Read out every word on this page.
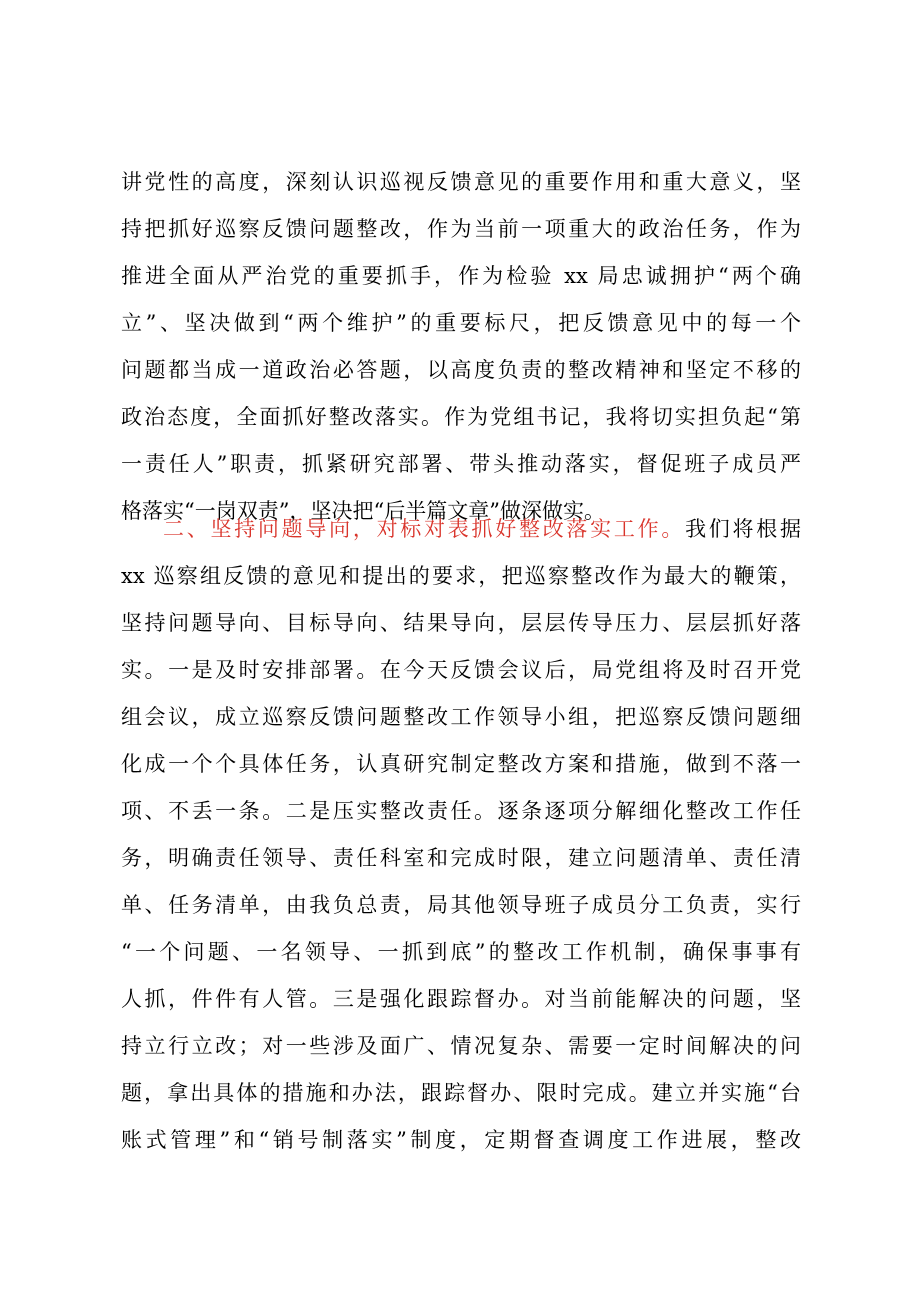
讲党性的高度，深刻认识巡视反馈意见的重要作用和重大意义，坚
持把抓好巡察反馈问题整改，作为当前一项重大的政治任务，作为
推进全面从严治党的重要抓手，作为检验 xx 局忠诚拥护“两个确
立”、坚决做到“两个维护”的重要标尺，把反馈意见中的每一个
问题都当成一道政治必答题，以高度负责的整改精神和坚定不移的
政治态度，全面抓好整改落实。作为党组书记，我将切实担负起“第
一责任人”职责，抓紧研究部署、带头推动落实，督促班子成员严
格落实“一岗双责”，坚决把“后半篇文章”做深做实。
二、坚持问题导向，对标对表抓好整改落实工作。我们将根据
xx 巡察组反馈的意见和提出的要求，把巡察整改作为最大的鞭策，
坚持问题导向、目标导向、结果导向，层层传导压力、层层抓好落
实。一是及时安排部署。在今天反馈会议后，局党组将及时召开党
组会议，成立巡察反馈问题整改工作领导小组，把巡察反馈问题细
化成一个个具体任务，认真研究制定整改方案和措施，做到不落一
项、不丢一条。二是压实整改责任。逐条逐项分解细化整改工作任
务，明确责任领导、责任科室和完成时限，建立问题清单、责任清
单、任务清单，由我负总责，局其他领导班子成员分工负责，实行
“一个问题、一名领导、一抓到底”的整改工作机制，确保事事有
人抓，件件有人管。三是强化跟踪督办。对当前能解决的问题，坚
持立行立改；对一些涉及面广、情况复杂、需要一定时间解决的问
题，拿出具体的措施和办法，跟踪督办、限时完成。建立并实施“台
账式管理”和“销号制落实”制度，定期督查调度工作进展，整改
